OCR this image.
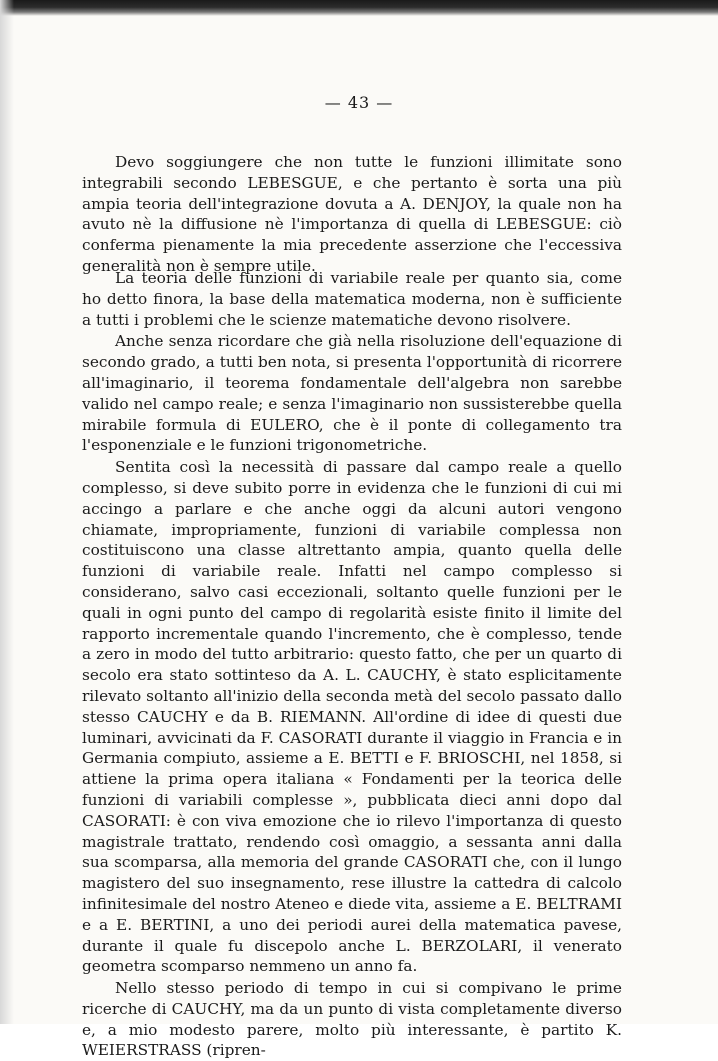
— 43 —

Devo soggiungere che non tutte le funzioni illimitate sono integrabili secondo LEBESGUE, e che pertanto è sorta una più ampia teoria dell'integrazione dovuta a A. DENJOY, la quale non ha avuto nè la diffusione nè l'importanza di quella di LEBESGUE: ciò conferma pienamente la mia precedente asserzione che l'eccessiva generalità non è sempre utile.

La teoria delle funzioni di variabile reale per quanto sia, come ho detto finora, la base della matematica moderna, non è sufficiente a tutti i problemi che le scienze matematiche devono risolvere.

Anche senza ricordare che già nella risoluzione dell'equazione di secondo grado, a tutti ben nota, si presenta l'opportunità di ricorrere all'imaginario, il teorema fondamentale dell'algebra non sarebbe valido nel campo reale; e senza l'imaginario non sussisterebbe quella mirabile formula di EULERO, che è il ponte di collegamento tra l'esponenziale e le funzioni trigonometriche.

Sentita così la necessità di passare dal campo reale a quello complesso, si deve subito porre in evidenza che le funzioni di cui mi accingo a parlare e che anche oggi da alcuni autori vengono chiamate, impropriamente, funzioni di variabile complessa non costituiscono una classe altrettanto ampia, quanto quella delle funzioni di variabile reale. Infatti nel campo complesso si considerano, salvo casi eccezionali, soltanto quelle funzioni per le quali in ogni punto del campo di regolarità esiste finito il limite del rapporto incrementale quando l'incremento, che è complesso, tende a zero in modo del tutto arbitrario: questo fatto, che per un quarto di secolo era stato sottinteso da A. L. CAUCHY, è stato esplicitamente rilevato soltanto all'inizio della seconda metà del secolo passato dallo stesso CAUCHY e da B. RIEMANN. All'ordine di idee di questi due luminari, avvicinati da F. CASORATI durante il viaggio in Francia e in Germania compiuto, assieme a E. BETTI e F. BRIOSCHI, nel 1858, si attiene la prima opera italiana « Fondamenti per la teorica delle funzioni di variabili complesse », pubblicata dieci anni dopo dal CASORATI: è con viva emozione che io rilevo l'importanza di questo magistrale trattato, rendendo così omaggio, a sessanta anni dalla sua scomparsa, alla memoria del grande CASORATI che, con il lungo magistero del suo insegnamento, rese illustre la cattedra di calcolo infinitesimale del nostro Ateneo e diede vita, assieme a E. BELTRAMI e a E. BERTINI, a uno dei periodi aurei della matematica pavese, durante il quale fu discepolo anche L. BERZOLARI, il venerato geometra scomparso nemmeno un anno fa.

Nello stesso periodo di tempo in cui si compivano le prime ricerche di CAUCHY, ma da un punto di vista completamente diverso e, a mio modesto parere, molto più interessante, è partito K. WEIERSTRASS (ripren-
